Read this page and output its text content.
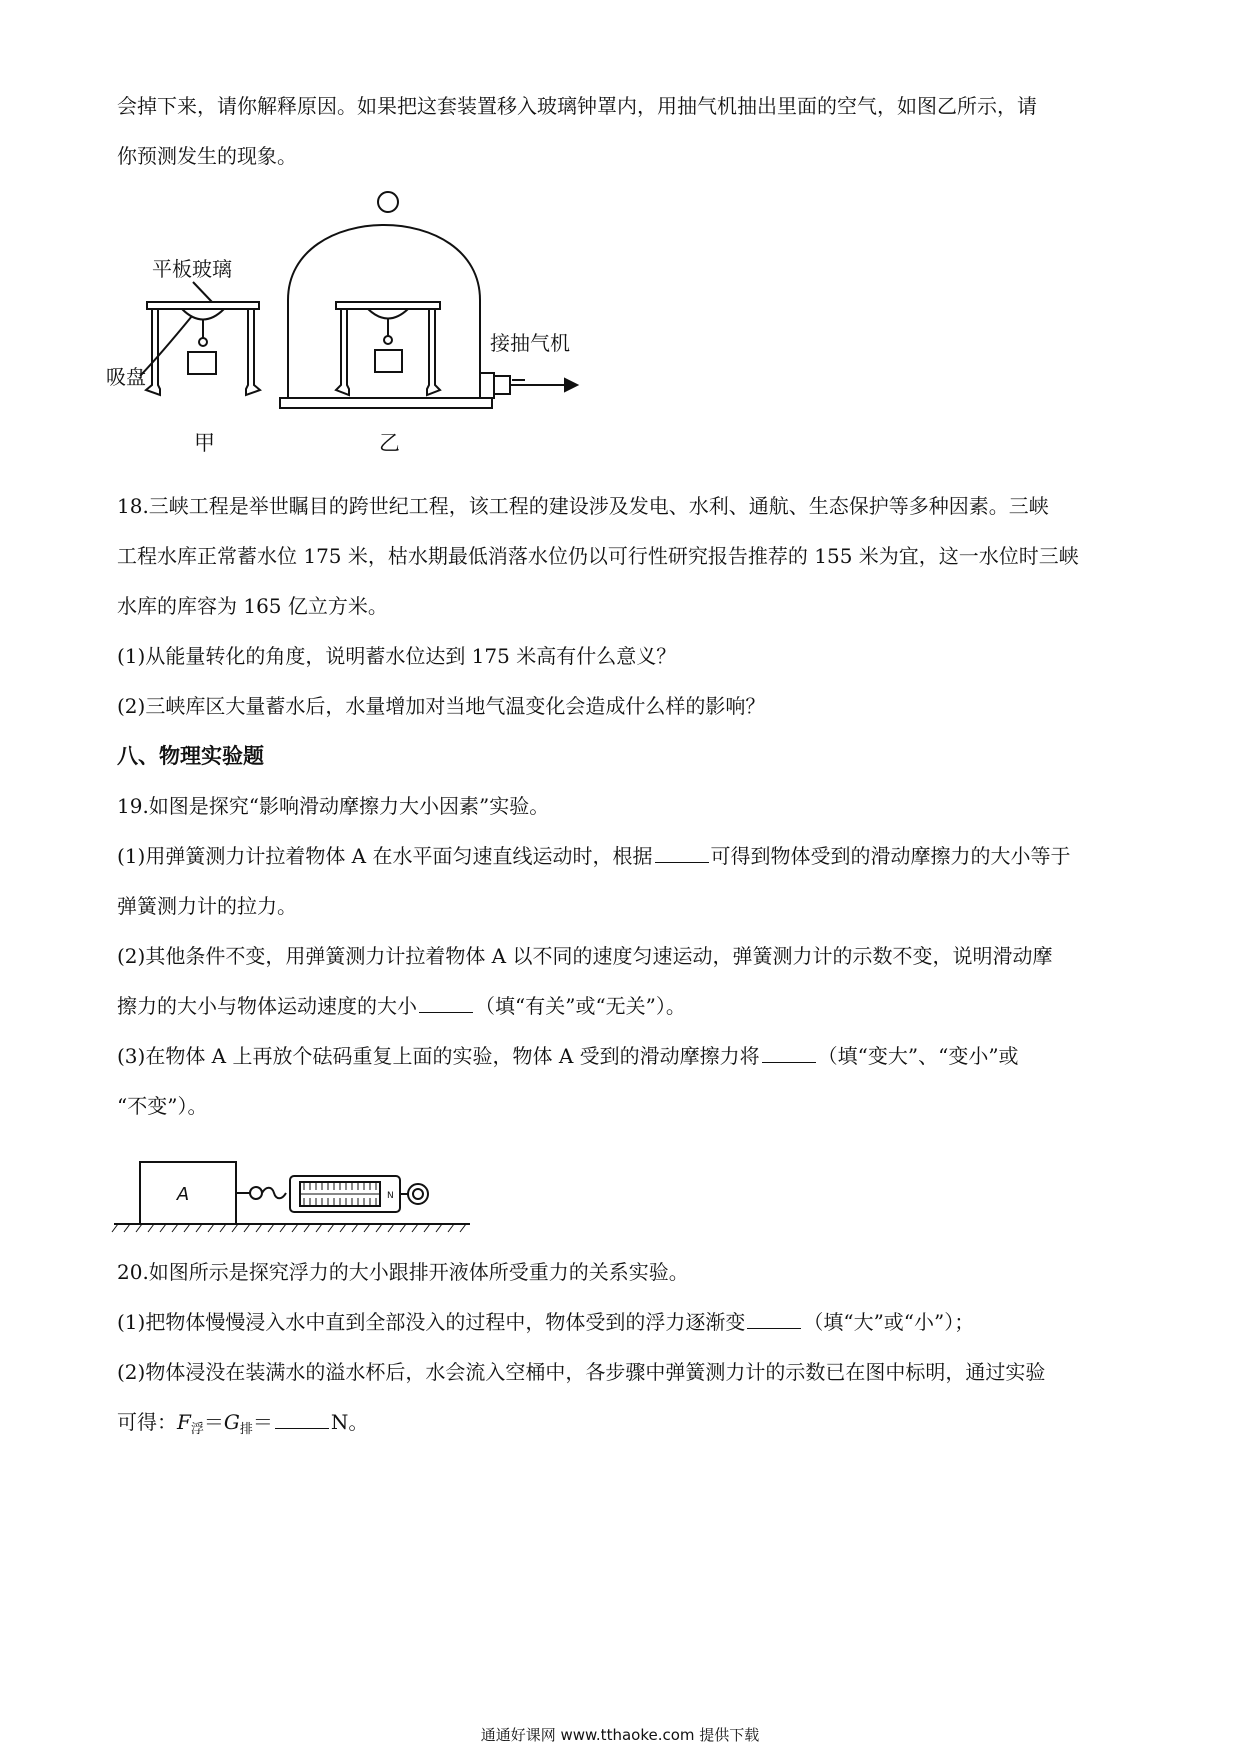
会掉下来，请你解释原因。如果把这套装置移入玻璃钟罩内，用抽气机抽出里面的空气，如图乙所示，请
你预测发生的现象。
平板玻璃
吸盘
接抽气机
甲	乙
18.三峡工程是举世瞩目的跨世纪工程，该工程的建设涉及发电、水利、通航、生态保护等多种因素。三峡
工程水库正常蓄水位 175 米，枯水期最低消落水位仍以可行性研究报告推荐的 155 米为宜，这一水位时三峡
水库的库容为 165 亿立方米。
(1)从能量转化的角度，说明蓄水位达到 175 米高有什么意义？
(2)三峡库区大量蓄水后，水量增加对当地气温变化会造成什么样的影响？
八、物理实验题
19.如图是探究“影响滑动摩擦力大小因素”实验。
(1)用弹簧测力计拉着物体 A 在水平面匀速直线运动时，根据	可得到物体受到的滑动摩擦力的大小等于
弹簧测力计的拉力。
(2)其他条件不变，用弹簧测力计拉着物体 A 以不同的速度匀速运动，弹簧测力计的示数不变，说明滑动摩
擦力的大小与物体运动速度的大小	（填“有关”或“无关”）。
(3)在物体 A 上再放个砝码重复上面的实验，物体 A 受到的滑动摩擦力将	（填“变大”、“变小”或
“不变”）。
A	N
20.如图所示是探究浮力的大小跟排开液体所受重力的关系实验。
(1)把物体慢慢浸入水中直到全部没入的过程中，物体受到的浮力逐渐变	（填“大”或“小”）；
(2)物体浸没在装满水的溢水杯后，水会流入空桶中，各步骤中弹簧测力计的示数已在图中标明，通过实验
可得：$F_浮=G_排=$	N。
通通好课网 www.tthaoke.com 提供下载
